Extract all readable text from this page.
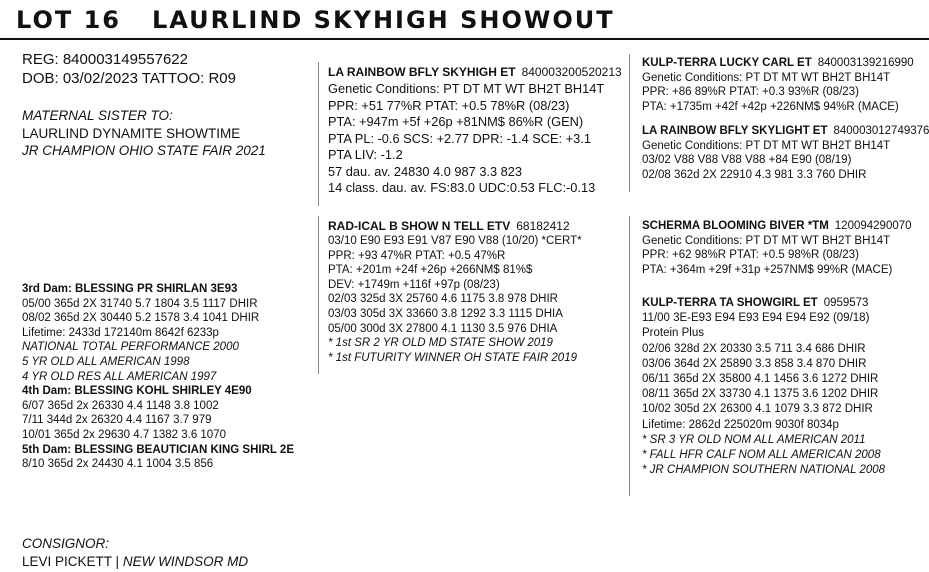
LOT 16 LAURLIND SKYHIGH SHOWOUT
REG: 840003149557622
DOB: 03/02/2023 TATTOO: R09
MATERNAL SISTER TO:
LAURLIND DYNAMITE SHOWTIME
JR CHAMPION OHIO STATE FAIR 2021
3rd Dam: BLESSING PR SHIRLAN 3E93
05/00 365d 2X 31740 5.7 1804 3.5 1117 DHIR
08/02 365d 2X 30440 5.2 1578 3.4 1041 DHIR
Lifetime: 2433d 172140m 8642f 6233p
NATIONAL TOTAL PERFORMANCE 2000
5 YR OLD ALL AMERICAN 1998
4 YR OLD RES ALL AMERICAN 1997
4th Dam: BLESSING KOHL SHIRLEY 4E90
6/07 365d 2x 26330 4.4 1148 3.8 1002
7/11 344d 2x 26320 4.4 1167 3.7 979
10/01 365d 2x 29630 4.7 1382 3.6 1070
5th Dam: BLESSING BEAUTICIAN KING SHIRL 2E
8/10 365d 2x 24430 4.1 1004 3.5 856
CONSIGNOR:
LEVI PICKETT | NEW WINDSOR MD
LA RAINBOW BFLY SKYHIGH ET 840003200520213
Genetic Conditions: PT DT MT WT BH2T BH14T
PPR: +51 77%R PTAT: +0.5 78%R (08/23)
PTA: +947m +5f +26p +81NM$ 86%R (GEN)
PTA PL: -0.6 SCS: +2.77 DPR: -1.4 SCE: +3.1
PTA LIV: -1.2
57 dau. av. 24830 4.0 987 3.3 823
14 class. dau. av. FS:83.0 UDC:0.53 FLC:-0.13
RAD-ICAL B SHOW N TELL ETV 68182412
03/10 E90 E93 E91 V87 E90 V88 (10/20) *CERT*
PPR: +93 47%R PTAT: +0.5 47%R
PTA: +201m +24f +26p +266NM$ 81%$
DEV: +1749m +116f +97p (08/23)
02/03 325d 3X 25760 4.6 1175 3.8 978 DHIR
03/03 305d 3X 33660 3.8 1292 3.3 1115 DHIA
05/00 300d 3X 27800 4.1 1130 3.5 976 DHIA
* 1st SR 2 YR OLD MD STATE SHOW 2019
* 1st FUTURITY WINNER OH STATE FAIR 2019
KULP-TERRA LUCKY CARL ET 840003139216990
Genetic Conditions: PT DT MT WT BH2T BH14T
PPR: +86 89%R PTAT: +0.3 93%R (08/23)
PTA: +1735m +42f +42p +226NM$ 94%R (MACE)
LA RAINBOW BFLY SKYLIGHT ET 840003012749376
Genetic Conditions: PT DT MT WT BH2T BH14T
03/02 V88 V88 V88 V88 +84 E90 (08/19)
02/08 362d 2X 22910 4.3 981 3.3 760 DHIR
SCHERMA BLOOMING BIVER *TM 120094290070
Genetic Conditions: PT DT MT WT BH2T BH14T
PPR: +62 98%R PTAT: +0.5 98%R (08/23)
PTA: +364m +29f +31p +257NM$ 99%R (MACE)
KULP-TERRA TA SHOWGIRL ET 0959573
11/00 3E-E93 E94 E93 E94 E94 E92 (09/18)
Protein Plus
02/06 328d 2X 20330 3.5 711 3.4 686 DHIR
03/06 364d 2X 25890 3.3 858 3.4 870 DHIR
06/11 365d 2X 35800 4.1 1456 3.6 1272 DHIR
08/11 365d 2X 33730 4.1 1375 3.6 1202 DHIR
10/02 305d 2X 26300 4.1 1079 3.3 872 DHIR
Lifetime: 2862d 225020m 9030f 8034p
* SR 3 YR OLD NOM ALL AMERICAN 2011
* FALL HFR CALF NOM ALL AMERICAN 2008
* JR CHAMPION SOUTHERN NATIONAL 2008
